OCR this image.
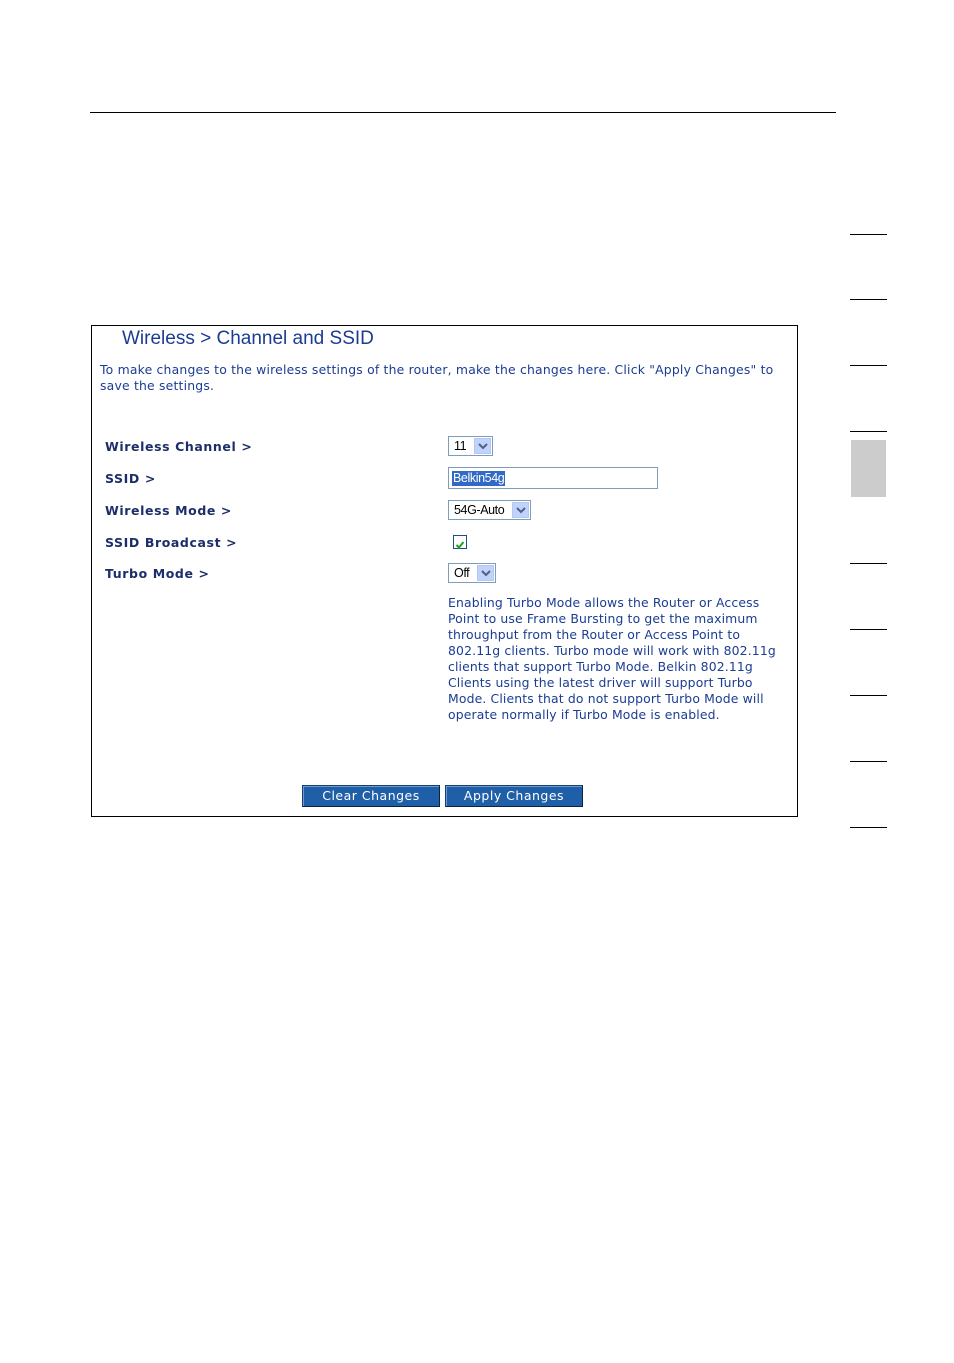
Wireless > Channel and SSID
To make changes to the wireless settings of the router, make the changes here. Click "Apply Changes" to save the settings.
Wireless Channel >	11
SSID >	Belkin54g
Wireless Mode >	54G-Auto
SSID Broadcast >
Turbo Mode >	Off
Enabling Turbo Mode allows the Router or Access Point to use Frame Bursting to get the maximum throughput from the Router or Access Point to 802.11g clients. Turbo mode will work with 802.11g clients that support Turbo Mode. Belkin 802.11g Clients using the latest driver will support Turbo Mode. Clients that do not support Turbo Mode will operate normally if Turbo Mode is enabled.
Clear Changes	Apply Changes
